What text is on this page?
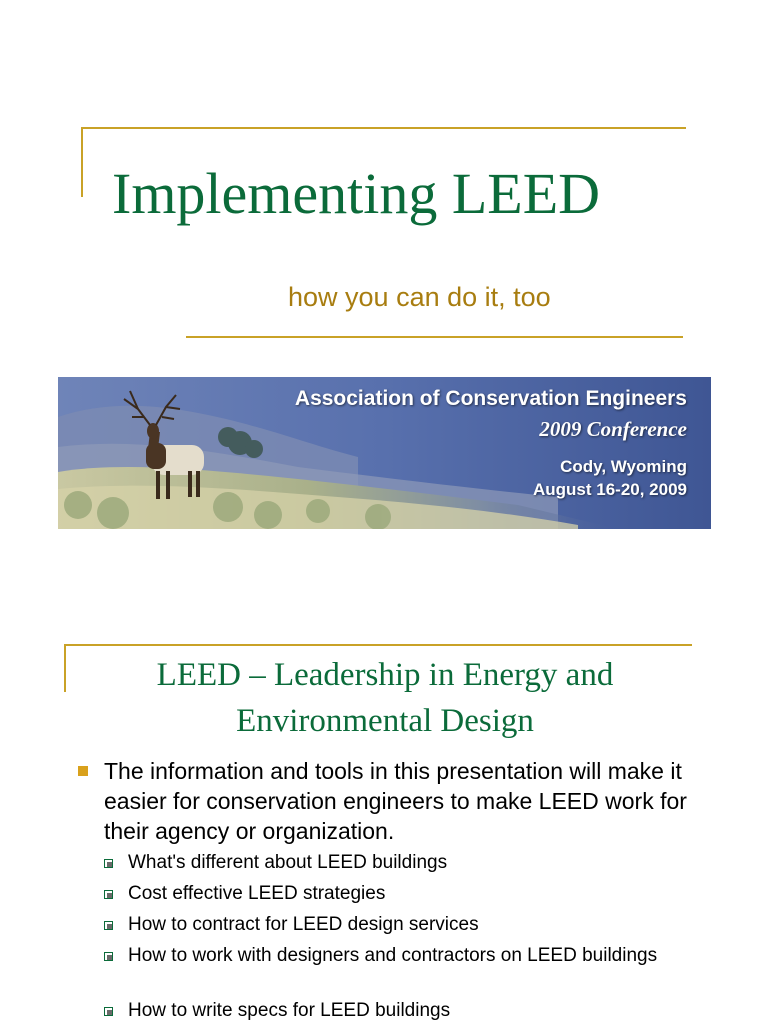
Implementing LEED
how you can do it, too
Association of Conservation Engineers
2009 Conference
Cody, Wyoming
August 16-20, 2009
LEED – Leadership in Energy and Environmental Design
The information and tools in this presentation will make it easier for conservation engineers to make LEED work for their agency or organization.
What's different about LEED buildings
Cost effective LEED strategies
How to contract for LEED design services
How to work with designers and contractors on LEED buildings
How to write specs for LEED buildings
